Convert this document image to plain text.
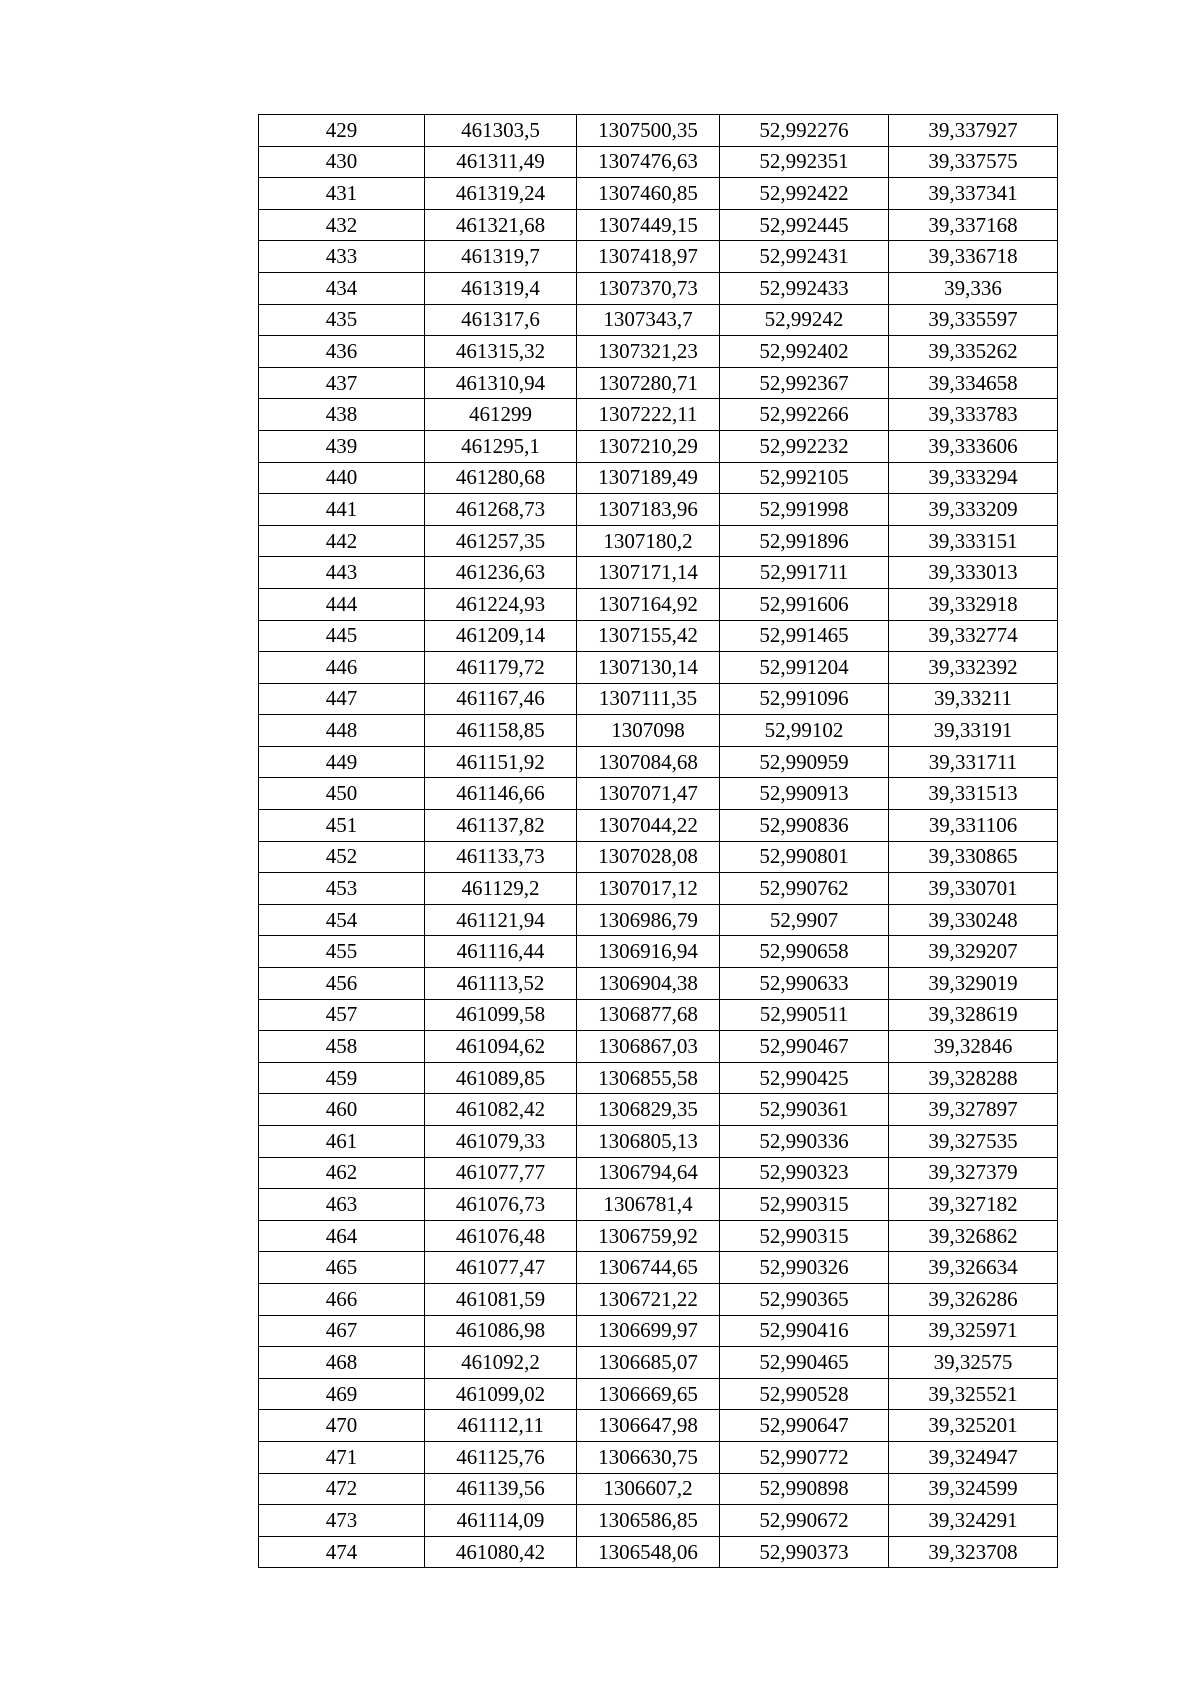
429	461303,5	1307500,35	52,992276	39,337927
430	461311,49	1307476,63	52,992351	39,337575
431	461319,24	1307460,85	52,992422	39,337341
432	461321,68	1307449,15	52,992445	39,337168
433	461319,7	1307418,97	52,992431	39,336718
434	461319,4	1307370,73	52,992433	39,336
435	461317,6	1307343,7	52,99242	39,335597
436	461315,32	1307321,23	52,992402	39,335262
437	461310,94	1307280,71	52,992367	39,334658
438	461299	1307222,11	52,992266	39,333783
439	461295,1	1307210,29	52,992232	39,333606
440	461280,68	1307189,49	52,992105	39,333294
441	461268,73	1307183,96	52,991998	39,333209
442	461257,35	1307180,2	52,991896	39,333151
443	461236,63	1307171,14	52,991711	39,333013
444	461224,93	1307164,92	52,991606	39,332918
445	461209,14	1307155,42	52,991465	39,332774
446	461179,72	1307130,14	52,991204	39,332392
447	461167,46	1307111,35	52,991096	39,33211
448	461158,85	1307098	52,99102	39,33191
449	461151,92	1307084,68	52,990959	39,331711
450	461146,66	1307071,47	52,990913	39,331513
451	461137,82	1307044,22	52,990836	39,331106
452	461133,73	1307028,08	52,990801	39,330865
453	461129,2	1307017,12	52,990762	39,330701
454	461121,94	1306986,79	52,9907	39,330248
455	461116,44	1306916,94	52,990658	39,329207
456	461113,52	1306904,38	52,990633	39,329019
457	461099,58	1306877,68	52,990511	39,328619
458	461094,62	1306867,03	52,990467	39,32846
459	461089,85	1306855,58	52,990425	39,328288
460	461082,42	1306829,35	52,990361	39,327897
461	461079,33	1306805,13	52,990336	39,327535
462	461077,77	1306794,64	52,990323	39,327379
463	461076,73	1306781,4	52,990315	39,327182
464	461076,48	1306759,92	52,990315	39,326862
465	461077,47	1306744,65	52,990326	39,326634
466	461081,59	1306721,22	52,990365	39,326286
467	461086,98	1306699,97	52,990416	39,325971
468	461092,2	1306685,07	52,990465	39,32575
469	461099,02	1306669,65	52,990528	39,325521
470	461112,11	1306647,98	52,990647	39,325201
471	461125,76	1306630,75	52,990772	39,324947
472	461139,56	1306607,2	52,990898	39,324599
473	461114,09	1306586,85	52,990672	39,324291
474	461080,42	1306548,06	52,990373	39,323708
